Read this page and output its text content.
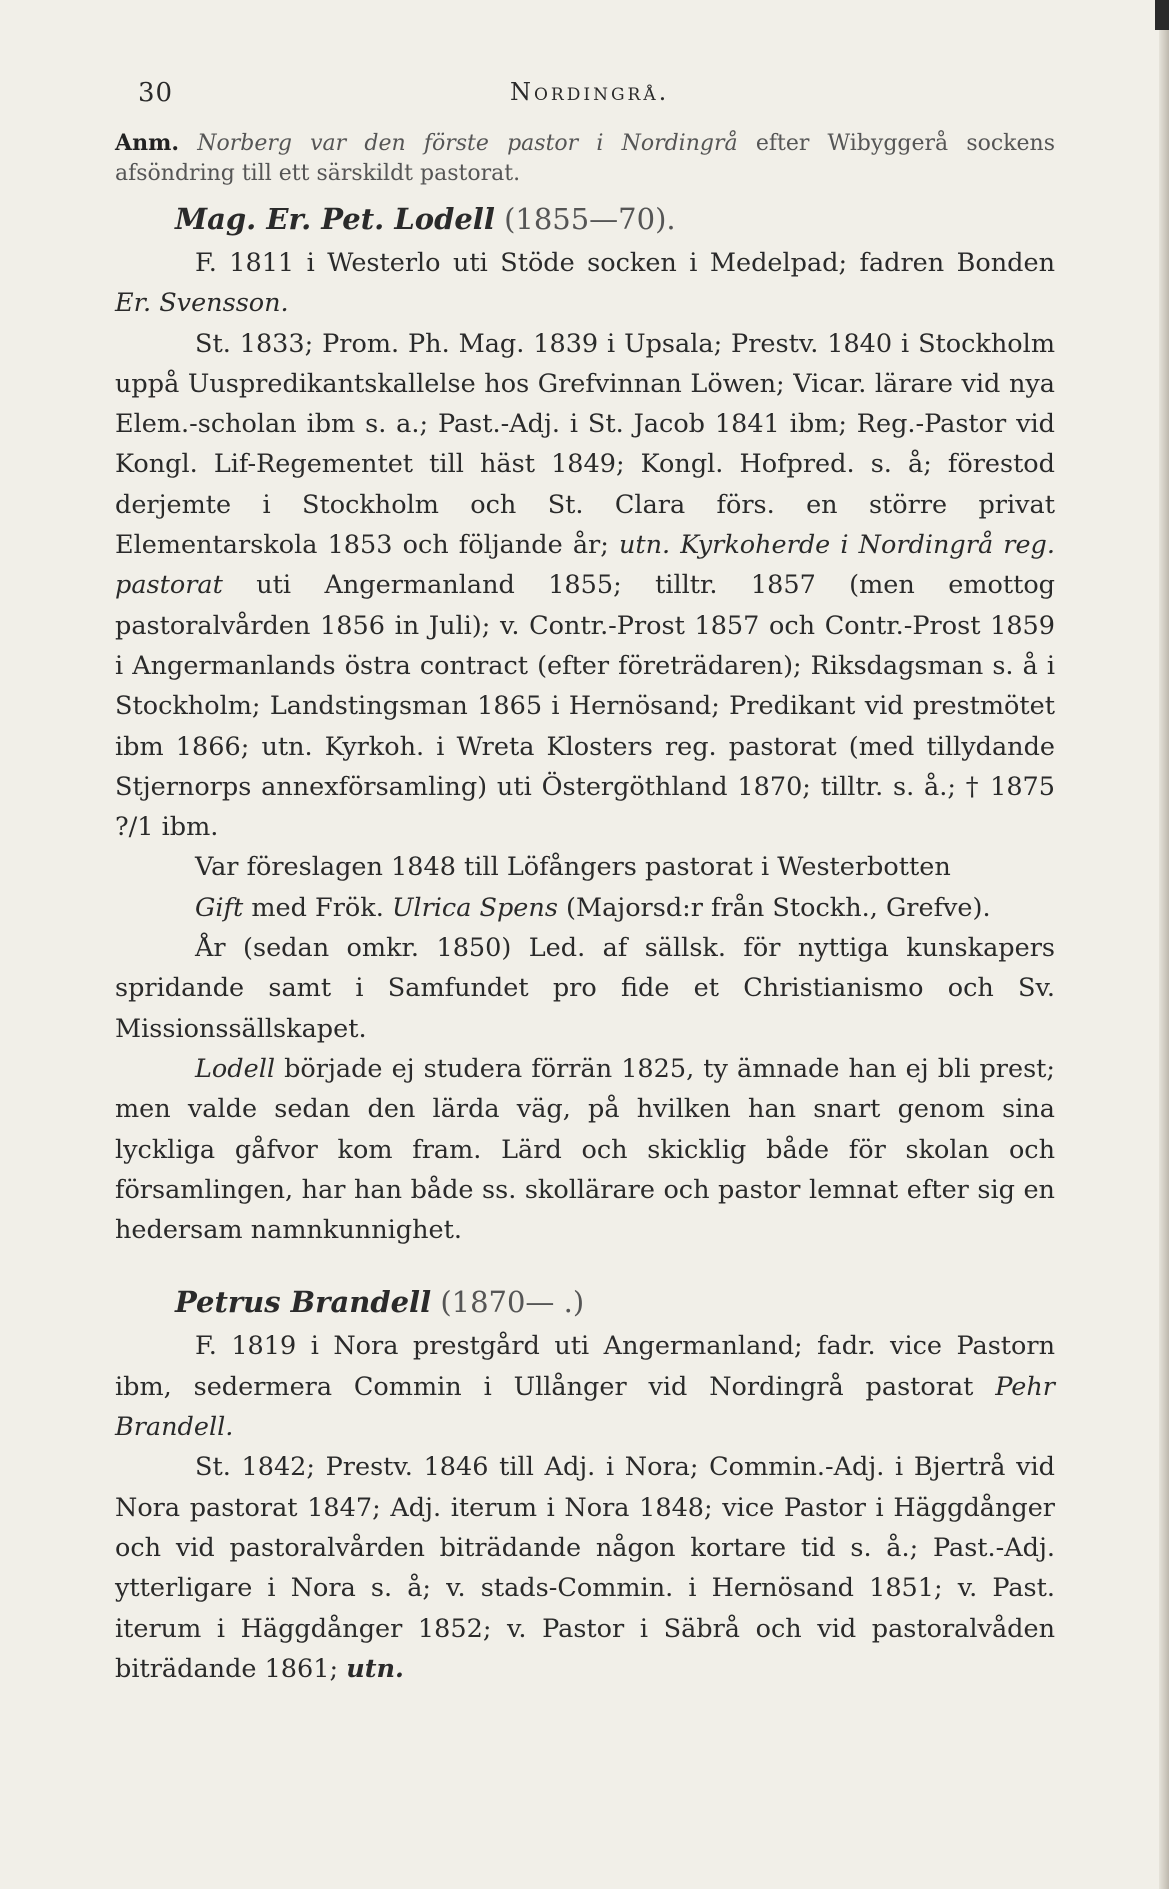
30	Nordingrå.

Anm. Norberg var den förste pastor i Nordingrå efter Wibyggerå sockens afsöndring till ett särskildt pastorat.

Mag. Er. Pet. Lodell (1855—70).

F. 1811 i Westerlo uti Stöde socken i Medelpad; fadren Bonden Er. Svensson.

St. 1833; Prom. Ph. Mag. 1839 i Upsala; Prestv. 1840 i Stockholm uppå Uuspredikantskallelse hos Grefvinnan Löwen; Vicar. lärare vid nya Elem.-scholan ibm s. a.; Past.-Adj. i St. Jacob 1841 ibm; Reg.-Pastor vid Kongl. Lif-Regementet till häst 1849; Kongl. Hofpred. s. å; förestod derjemte i Stockholm och St. Clara förs. en större privat Elementarskola 1853 och följande år; utn. Kyrkoherde i Nordingrå reg. pastorat uti Angermanland 1855; tilltr. 1857 (men emottog pastoralvården 1856 in Juli); v. Contr.-Prost 1857 och Contr.-Prost 1859 i Angermanlands östra contract (efter företrädaren); Riksdagsman s. å i Stockholm; Landstingsman 1865 i Hernösand; Predikant vid prestmötet ibm 1866; utn. Kyrkoh. i Wreta Klosters reg. pastorat (med tillydande Stjernorps annexförsamling) uti Östergöthland 1870; tilltr. s. å.; † 1875 ?/1 ibm.

Var föreslagen 1848 till Löfångers pastorat i Westerbotten

Gift med Frök. Ulrica Spens (Majorsd:r från Stockh., Grefve).

År (sedan omkr. 1850) Led. af sällsk. för nyttiga kunskapers spridande samt i Samfundet pro fide et Christianismo och Sv. Missionssällskapet.

Lodell började ej studera förrän 1825, ty ämnade han ej bli prest; men valde sedan den lärda väg, på hvilken han snart genom sina lyckliga gåfvor kom fram. Lärd och skicklig både för skolan och församlingen, har han både ss. skollärare och pastor lemnat efter sig en hedersam namnkunnighet.

Petrus Brandell (1870— .)

F. 1819 i Nora prestgård uti Angermanland; fadr. vice Pastorn ibm, sedermera Commin i Ullånger vid Nordingrå pastorat Pehr Brandell.

St. 1842; Prestv. 1846 till Adj. i Nora; Commin.-Adj. i Bjertrå vid Nora pastorat 1847; Adj. iterum i Nora 1848; vice Pastor i Häggdånger och vid pastoralvården biträdande någon kortare tid s. å.; Past.-Adj. ytterligare i Nora s. å; v. stads-Commin. i Hernösand 1851; v. Past. iterum i Häggdånger 1852; v. Pastor i Säbrå och vid pastoralvåden biträdande 1861; utn.
